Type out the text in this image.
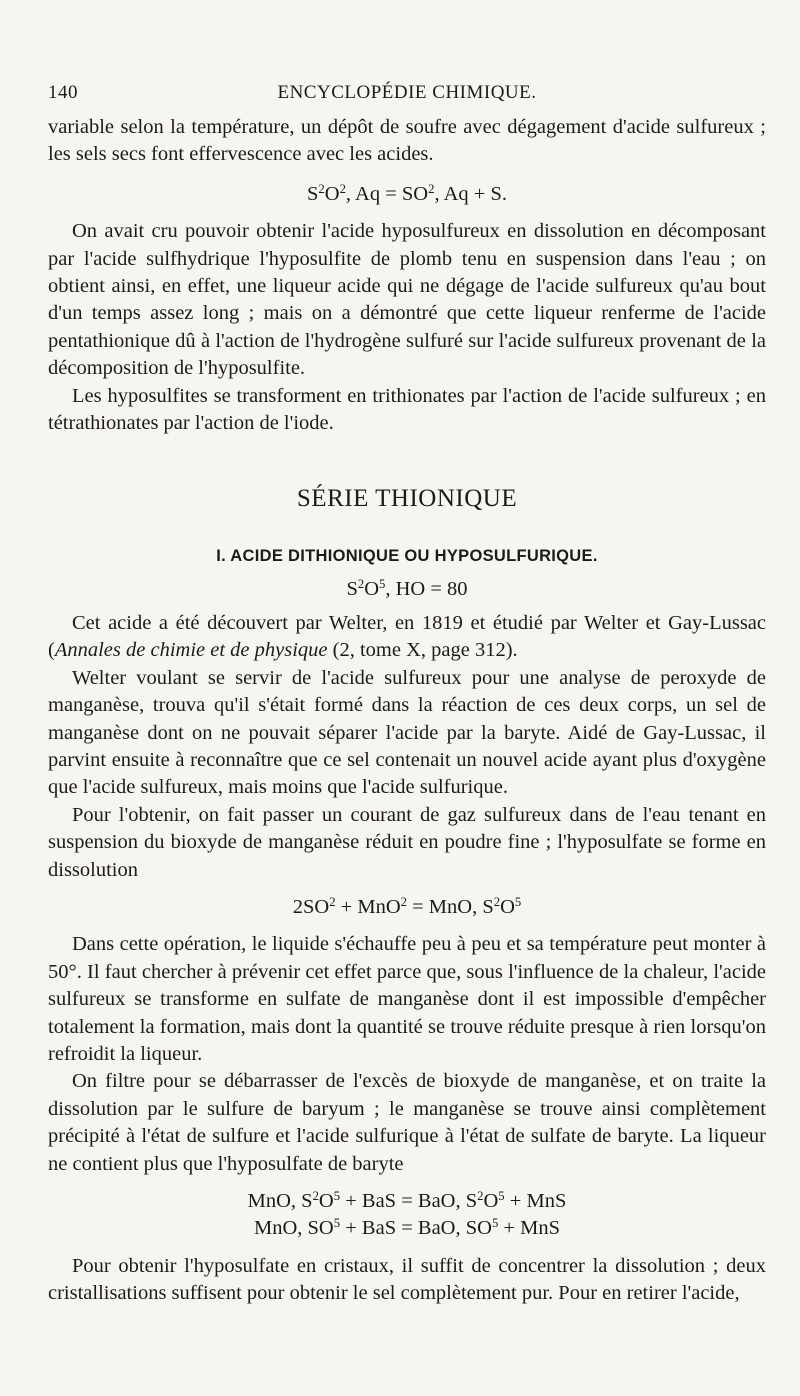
140	ENCYCLOPÉDIE CHIMIQUE.

variable selon la température, un dépôt de soufre avec dégagement d'acide sulfureux ; les sels secs font effervescence avec les acides.

$S^2O^2$, $Aq = SO^2$, Aq + S.

On avait cru pouvoir obtenir l'acide hyposulfureux en dissolution en décomposant par l'acide sulfhydrique l'hyposulfite de plomb tenu en suspension dans l'eau ; on obtient ainsi, en effet, une liqueur acide qui ne dégage de l'acide sulfureux qu'au bout d'un temps assez long ; mais on a démontré que cette liqueur renferme de l'acide pentathionique dû à l'action de l'hydrogène sulfuré sur l'acide sulfureux provenant de la décomposition de l'hyposulfite.

Les hyposulfites se transforment en trithionates par l'action de l'acide sulfureux ; en tétrathionates par l'action de l'iode.

SÉRIE THIONIQUE
I. ACIDE DITHIONIQUE OU HYPOSULFURIQUE.
$S^2O^5$, HO = 80

Cet acide a été découvert par Welter, en 1819 et étudié par Welter et Gay-Lussac (Annales de chimie et de physique (2, tome X, page 312).

Welter voulant se servir de l'acide sulfureux pour une analyse de peroxyde de manganèse, trouva qu'il s'était formé dans la réaction de ces deux corps, un sel de manganèse dont on ne pouvait séparer l'acide par la baryte. Aidé de Gay-Lussac, il parvint ensuite à reconnaître que ce sel contenait un nouvel acide ayant plus d'oxygène que l'acide sulfureux, mais moins que l'acide sulfurique.

Pour l'obtenir, on fait passer un courant de gaz sulfureux dans de l'eau tenant en suspension du bioxyde de manganèse réduit en poudre fine ; l'hyposulfate se forme en dissolution

$2SO^2 + MnO^2$ = MnO, $S^2O^5$

Dans cette opération, le liquide s'échauffe peu à peu et sa température peut monter à 50°. Il faut chercher à prévenir cet effet parce que, sous l'influence de la chaleur, l'acide sulfureux se transforme en sulfate de manganèse dont il est impossible d'empêcher totalement la formation, mais dont la quantité se trouve réduite presque à rien lorsqu'on refroidit la liqueur.

On filtre pour se débarrasser de l'excès de bioxyde de manganèse, et on traite la dissolution par le sulfure de baryum ; le manganèse se trouve ainsi complètement précipité à l'état de sulfure et l'acide sulfurique à l'état de sulfate de baryte. La liqueur ne contient plus que l'hyposulfate de baryte

MnO, $S^2O^5$ + BaS = BaO, $S^2O^5$ + MnS
MnO, $SO^5$ + BaS = BaO, $SO^5$ + MnS

Pour obtenir l'hyposulfate en cristaux, il suffit de concentrer la dissolution ; deux cristallisations suffisent pour obtenir le sel complètement pur. Pour en retirer l'acide,
